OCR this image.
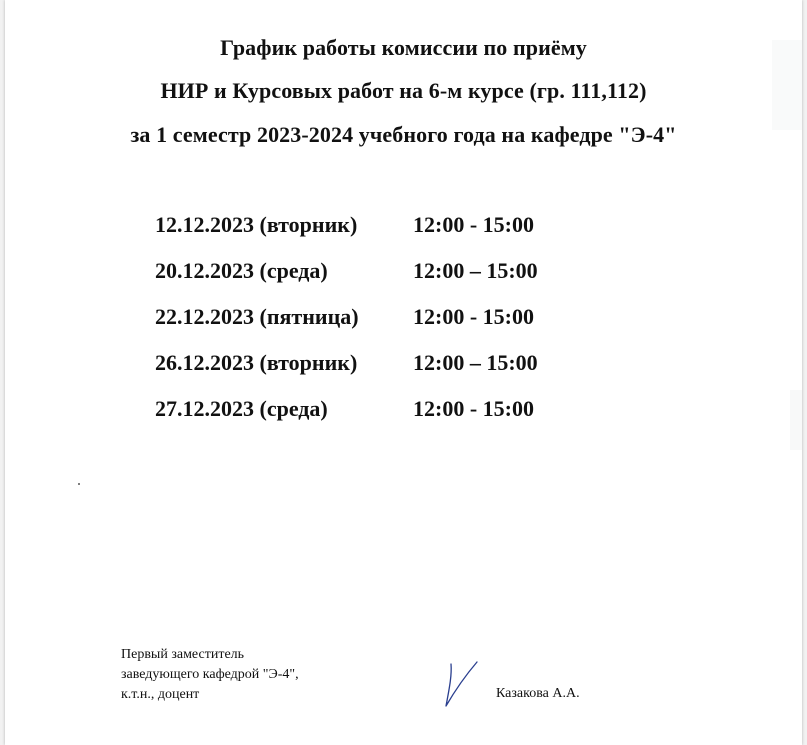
График работы комиссии по приёму
НИР и Курсовых работ на 6-м курсе (гр. 111,112)
за 1 семестр 2023-2024 учебного года на кафедре "Э-4"
12.12.2023 (вторник)	12:00 - 15:00
20.12.2023 (среда)	12:00 – 15:00
22.12.2023 (пятница) 12:00 - 15:00
26.12.2023 (вторник)	12:00 – 15:00
27.12.2023 (среда)	12:00 - 15:00
Первый заместитель
заведующего кафедрой "Э-4",
к.т.н., доцент	Казакова А.А.
